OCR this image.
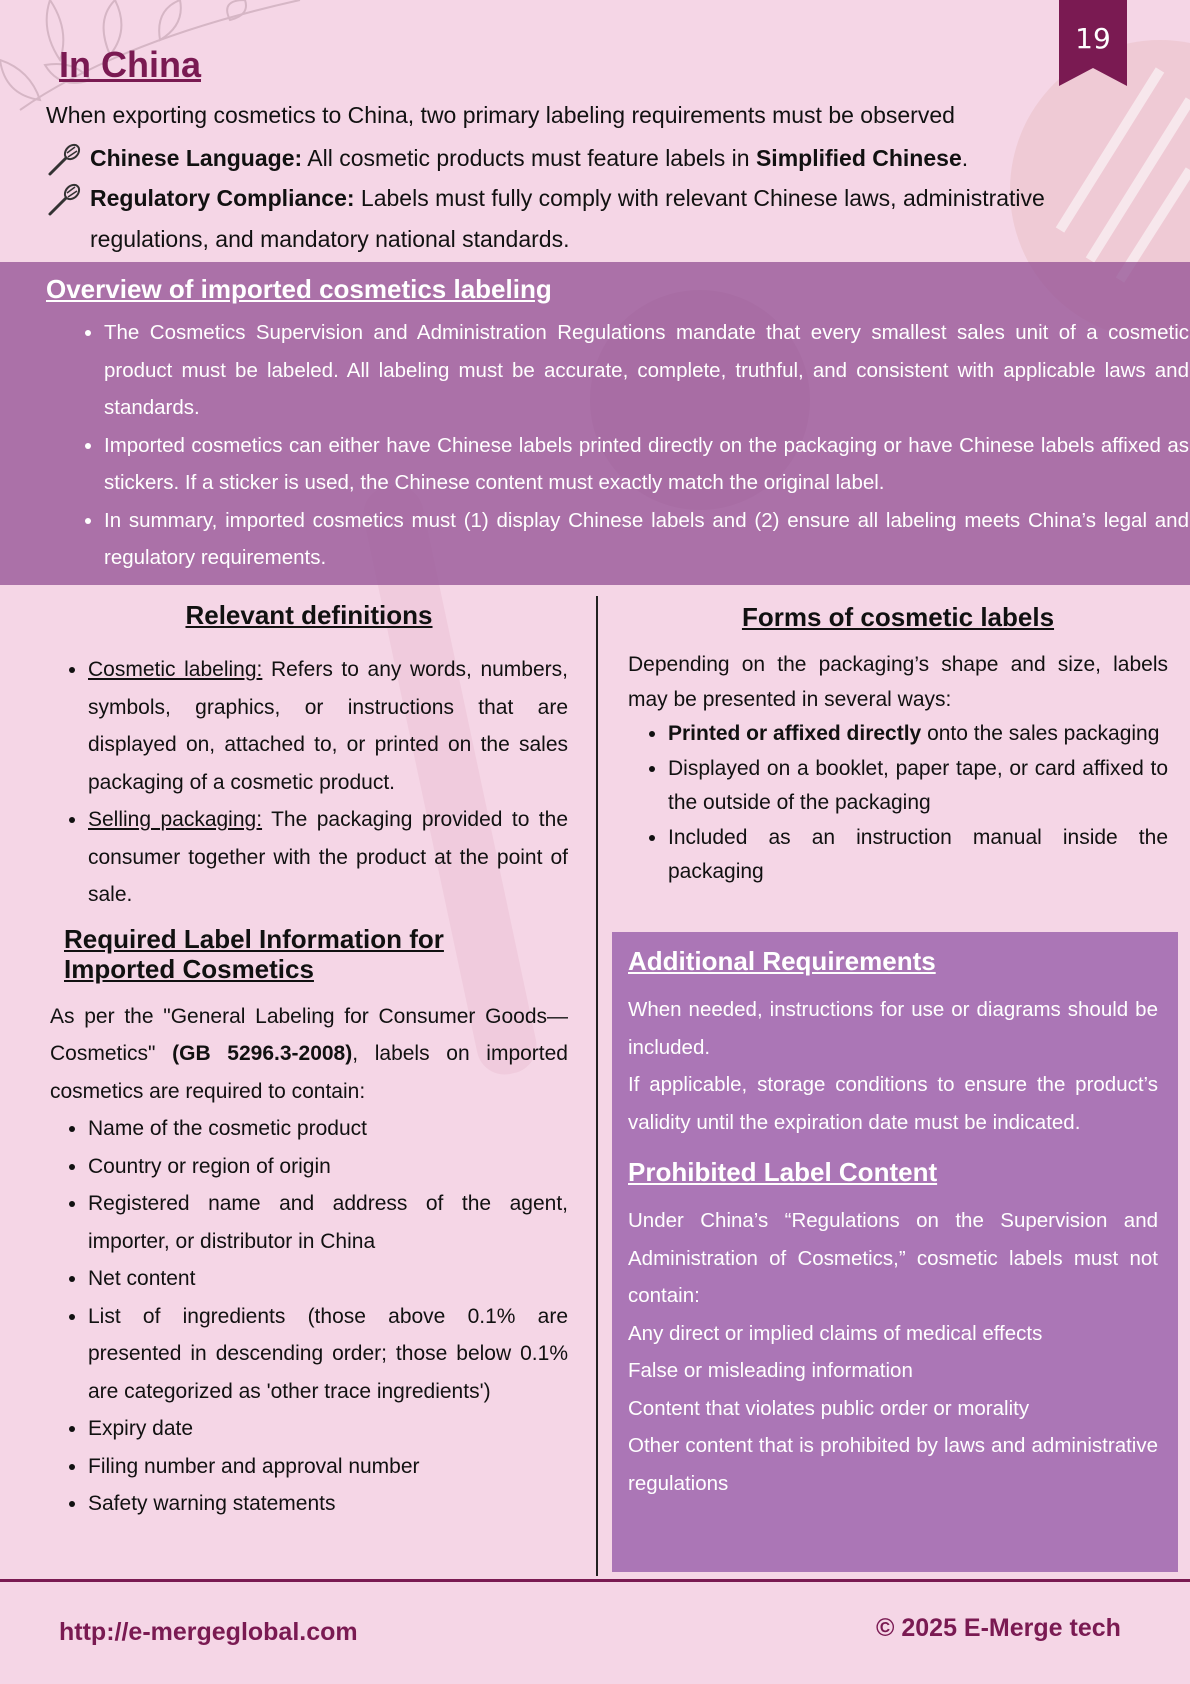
19
In China

When exporting cosmetics to China, two primary labeling requirements must be observed

Chinese Language: All cosmetic products must feature labels in Simplified Chinese.
Regulatory Compliance: Labels must fully comply with relevant Chinese laws, administrative regulations, and mandatory national standards.
Overview of imported cosmetics labeling
• The Cosmetics Supervision and Administration Regulations mandate that every smallest sales unit of a cosmetic product must be labeled. All labeling must be accurate, complete, truthful, and consistent with applicable laws and standards.
• Imported cosmetics can either have Chinese labels printed directly on the packaging or have Chinese labels affixed as stickers. If a sticker is used, the Chinese content must exactly match the original label.
• In summary, imported cosmetics must (1) display Chinese labels and (2) ensure all labeling meets China’s legal and regulatory requirements.
Relevant definitions
• Cosmetic labeling: Refers to any words, numbers, symbols, graphics, or instructions that are displayed on, attached to, or printed on the sales packaging of a cosmetic product.
• Selling packaging: The packaging provided to the consumer together with the product at the point of sale.
Required Label Information for Imported Cosmetics

As per the "General Labeling for Consumer Goods—Cosmetics" (GB 5296.3-2008), labels on imported cosmetics are required to contain:

• Name of the cosmetic product
• Country or region of origin
• Registered name and address of the agent, importer, or distributor in China
• Net content
• List of ingredients (those above 0.1% are presented in descending order; those below 0.1% are categorized as 'other trace ingredients')
• Expiry date
• Filing number and approval number
• Safety warning statements
Forms of cosmetic labels

Depending on the packaging’s shape and size, labels may be presented in several ways:

• Printed or affixed directly onto the sales packaging
• Displayed on a booklet, paper tape, or card affixed to the outside of the packaging
• Included as an instruction manual inside the packaging
Additional Requirements

When needed, instructions for use or diagrams should be included.

If applicable, storage conditions to ensure the product’s validity until the expiration date must be indicated.

Prohibited Label Content

Under China’s “Regulations on the Supervision and Administration of Cosmetics,” cosmetic labels must not contain:

Any direct or implied claims of medical effects

False or misleading information

Content that violates public order or morality

Other content that is prohibited by laws and administrative regulations

http://e-mergeglobal.com	© 2025 E-Merge tech
